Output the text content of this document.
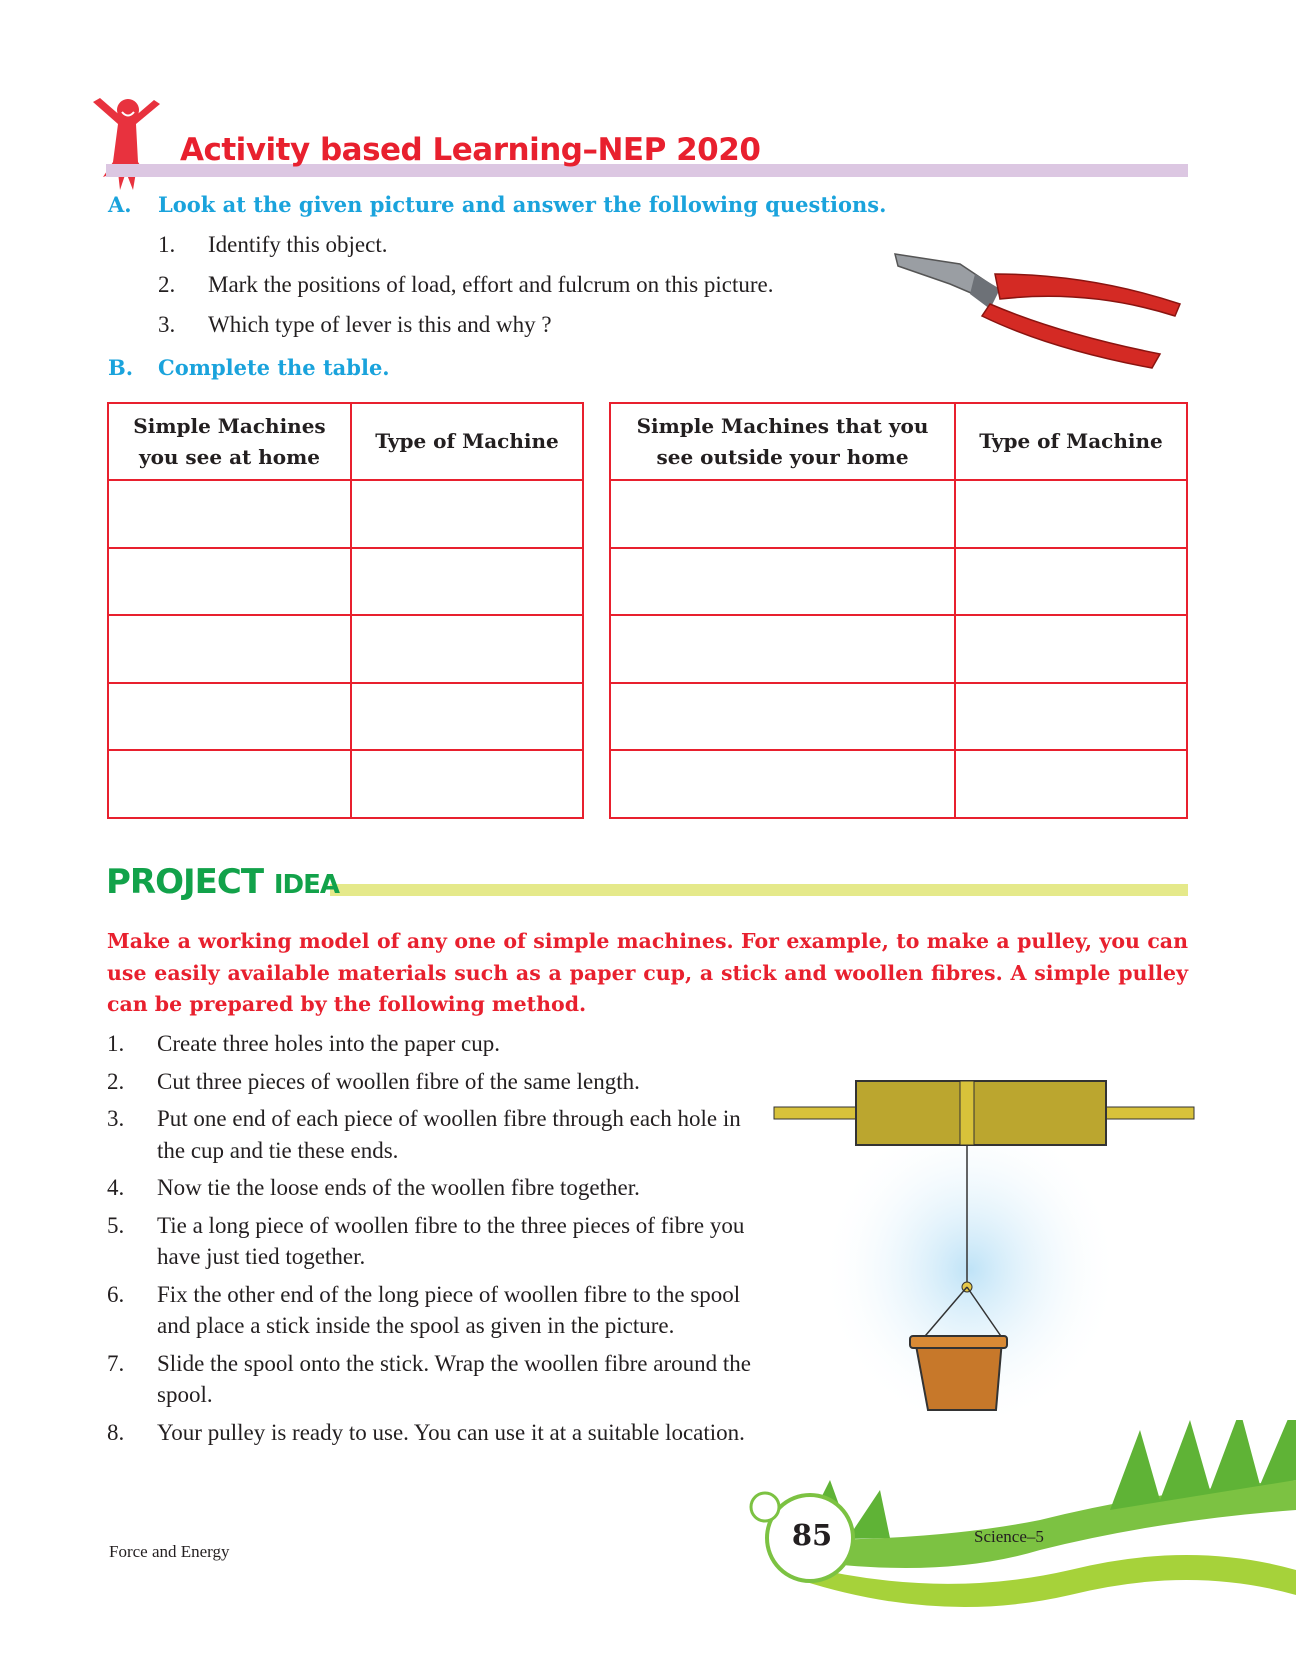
Activity based Learning–NEP 2020
A. Look at the given picture and answer the following questions.
1. Identify this object.
2. Mark the positions of load, effort and fulcrum on this picture.
3. Which type of lever is this and why ?
B. Complete the table.
Simple Machines you see at home	Type of Machine

Simple Machines that you see outside your home	Type of Machine

PROJECT IDEA
Make a working model of any one of simple machines. For example, to make a pulley, you can use easily available materials such as a paper cup, a stick and woollen fibres. A simple pulley can be prepared by the following method.
1.	Create three holes into the paper cup.
2.	Cut three pieces of woollen fibre of the same length.
3.	Put one end of each piece of woollen fibre through each hole in the cup and tie these ends.
4.	Now tie the loose ends of the woollen fibre together.
5.	Tie a long piece of woollen fibre to the three pieces of fibre you have just tied together.
6.	Fix the other end of the long piece of woollen fibre to the spool and place a stick inside the spool as given in the picture.
7.	Slide the spool onto the stick. Wrap the woollen fibre around the spool.
8.	Your pulley is ready to use. You can use it at a suitable location.
85
Force and Energy
Science–5
